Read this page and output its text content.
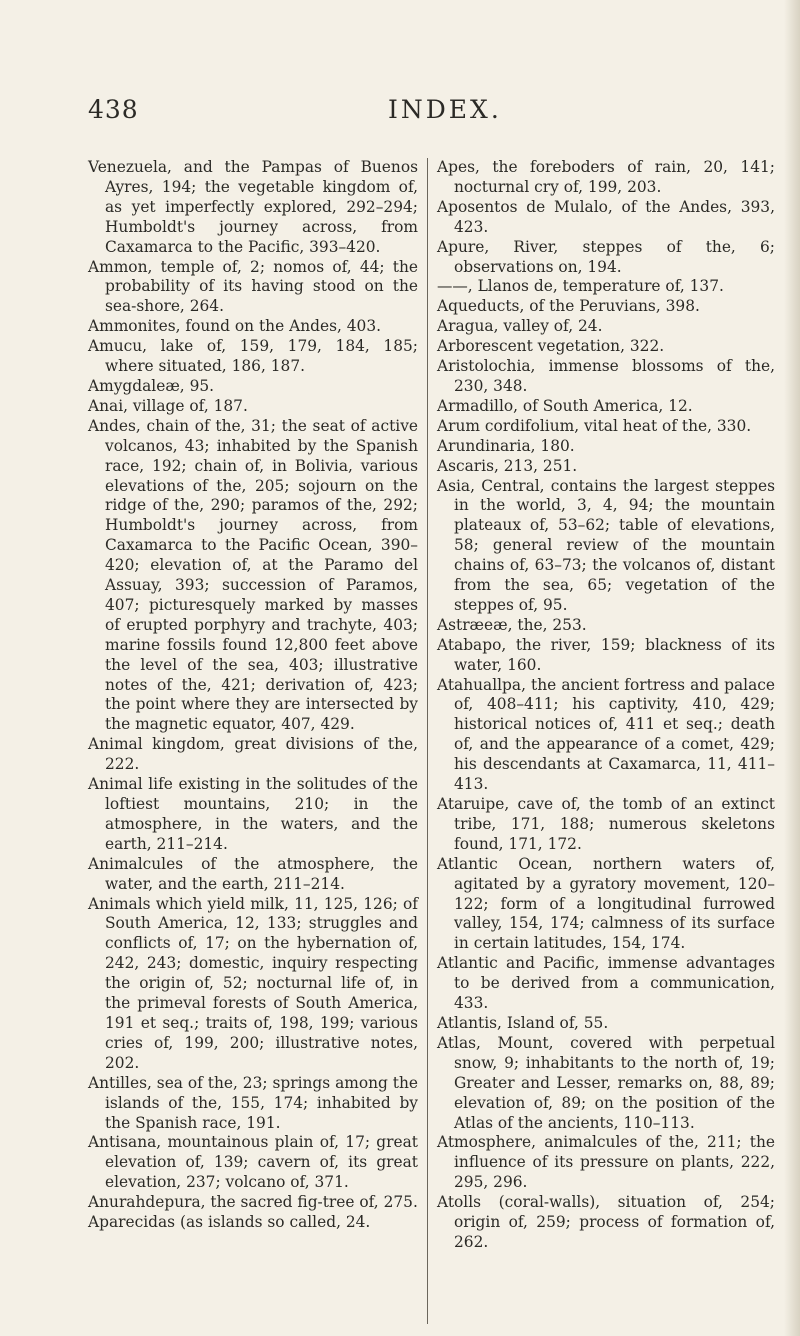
438	INDEX.

Venezuela, and the Pampas of Buenos Ayres, 194; the vegetable kingdom of, as yet imperfectly explored, 292–294; Humboldt's journey across, from Caxamarca to the Pacific, 393–420.

Ammon, temple of, 2; nomos of, 44; the probability of its having stood on the sea-shore, 264.

Ammonites, found on the Andes, 403.

Amucu, lake of, 159, 179, 184, 185; where situated, 186, 187.

Amygdaleæ, 95.

Anai, village of, 187.

Andes, chain of the, 31; the seat of active volcanos, 43; inhabited by the Spanish race, 192; chain of, in Bolivia, various elevations of the, 205; sojourn on the ridge of the, 290; paramos of the, 292; Humboldt's journey across, from Caxamarca to the Pacific Ocean, 390–420; elevation of, at the Paramo del Assuay, 393; succession of Paramos, 407; picturesquely marked by masses of erupted porphyry and trachyte, 403; marine fossils found 12,800 feet above the level of the sea, 403; illustrative notes of the, 421; derivation of, 423; the point where they are intersected by the magnetic equator, 407, 429.

Animal kingdom, great divisions of the, 222.

Animal life existing in the solitudes of the loftiest mountains, 210; in the atmosphere, in the waters, and the earth, 211–214.

Animalcules of the atmosphere, the water, and the earth, 211–214.

Animals which yield milk, 11, 125, 126; of South America, 12, 133; struggles and conflicts of, 17; on the hybernation of, 242, 243; domestic, inquiry respecting the origin of, 52; nocturnal life of, in the primeval forests of South America, 191 et seq.; traits of, 198, 199; various cries of, 199, 200; illustrative notes, 202.

Antilles, sea of the, 23; springs among the islands of the, 155, 174; inhabited by the Spanish race, 191.

Antisana, mountainous plain of, 17; great elevation of, 139; cavern of, its great elevation, 237; volcano of, 371.

Anurahdepura, the sacred fig-tree of, 275.

Aparecidas (as islands so called, 24.

Apes, the foreboders of rain, 20, 141; nocturnal cry of, 199, 203.

Aposentos de Mulalo, of the Andes, 393, 423.

Apure, River, steppes of the, 6; observations on, 194.

——, Llanos de, temperature of, 137.

Aqueducts, of the Peruvians, 398.

Aragua, valley of, 24.

Arborescent vegetation, 322.

Aristolochia, immense blossoms of the, 230, 348.

Armadillo, of South America, 12.

Arum cordifolium, vital heat of the, 330.

Arundinaria, 180.

Ascaris, 213, 251.

Asia, Central, contains the largest steppes in the world, 3, 4, 94; the mountain plateaux of, 53–62; table of elevations, 58; general review of the mountain chains of, 63–73; the volcanos of, distant from the sea, 65; vegetation of the steppes of, 95.

Astræeæ, the, 253.

Atabapo, the river, 159; blackness of its water, 160.

Atahuallpa, the ancient fortress and palace of, 408–411; his captivity, 410, 429; historical notices of, 411 et seq.; death of, and the appearance of a comet, 429; his descendants at Caxamarca, 11, 411–413.

Ataruipe, cave of, the tomb of an extinct tribe, 171, 188; numerous skeletons found, 171, 172.

Atlantic Ocean, northern waters of, agitated by a gyratory movement, 120–122; form of a longitudinal furrowed valley, 154, 174; calmness of its surface in certain latitudes, 154, 174.

Atlantic and Pacific, immense advantages to be derived from a communication, 433.

Atlantis, Island of, 55.

Atlas, Mount, covered with perpetual snow, 9; inhabitants to the north of, 19; Greater and Lesser, remarks on, 88, 89; elevation of, 89; on the position of the Atlas of the ancients, 110–113.

Atmosphere, animalcules of the, 211; the influence of its pressure on plants, 222, 295, 296.

Atolls (coral-walls), situation of, 254; origin of, 259; process of formation of, 262.
